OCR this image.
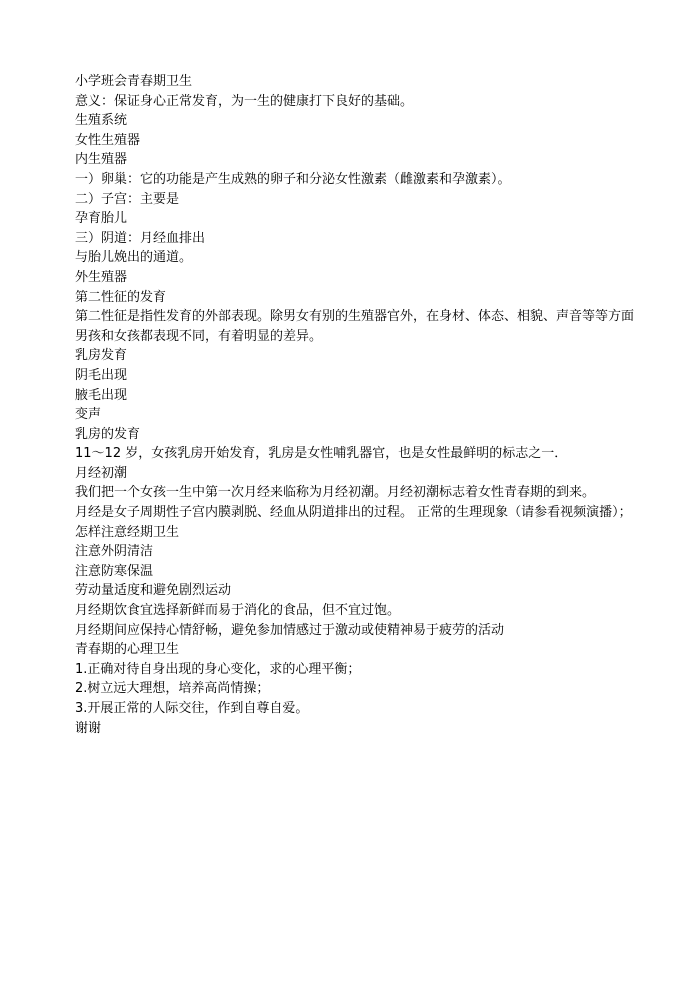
小学班会青春期卫生
意义：保证身心正常发育，为一生的健康打下良好的基础。
生殖系统
女性生殖器
内生殖器
一）卵巢：它的功能是产生成熟的卵子和分泌女性激素（雌激素和孕激素）。
二）子宫：主要是
孕育胎儿
三）阴道：月经血排出
与胎儿娩出的通道。
外生殖器
第二性征的发育
第二性征是指性发育的外部表现。除男女有别的生殖器官外，在身材、体态、相貌、声音等等方面男孩和女孩都表现不同，有着明显的差异。
乳房发育
阴毛出现
腋毛出现
变声
乳房的发育
11～12 岁，女孩乳房开始发育，乳房是女性哺乳器官，也是女性最鲜明的标志之一．
月经初潮
我们把一个女孩一生中第一次月经来临称为月经初潮。月经初潮标志着女性青春期的到来。
月经是女子周期性子宫内膜剥脱、经血从阴道排出的过程。 正常的生理现象（请参看视频演播）；
怎样注意经期卫生
注意外阴清洁
注意防寒保温
劳动量适度和避免剧烈运动
月经期饮食宜选择新鲜而易于消化的食品，但不宜过饱。
月经期间应保持心情舒畅，避免参加情感过于激动或使精神易于疲劳的活动
青春期的心理卫生
1.正确对待自身出现的身心变化，求的心理平衡；
2.树立远大理想，培养高尚情操；
3.开展正常的人际交往，作到自尊自爱。
谢谢
